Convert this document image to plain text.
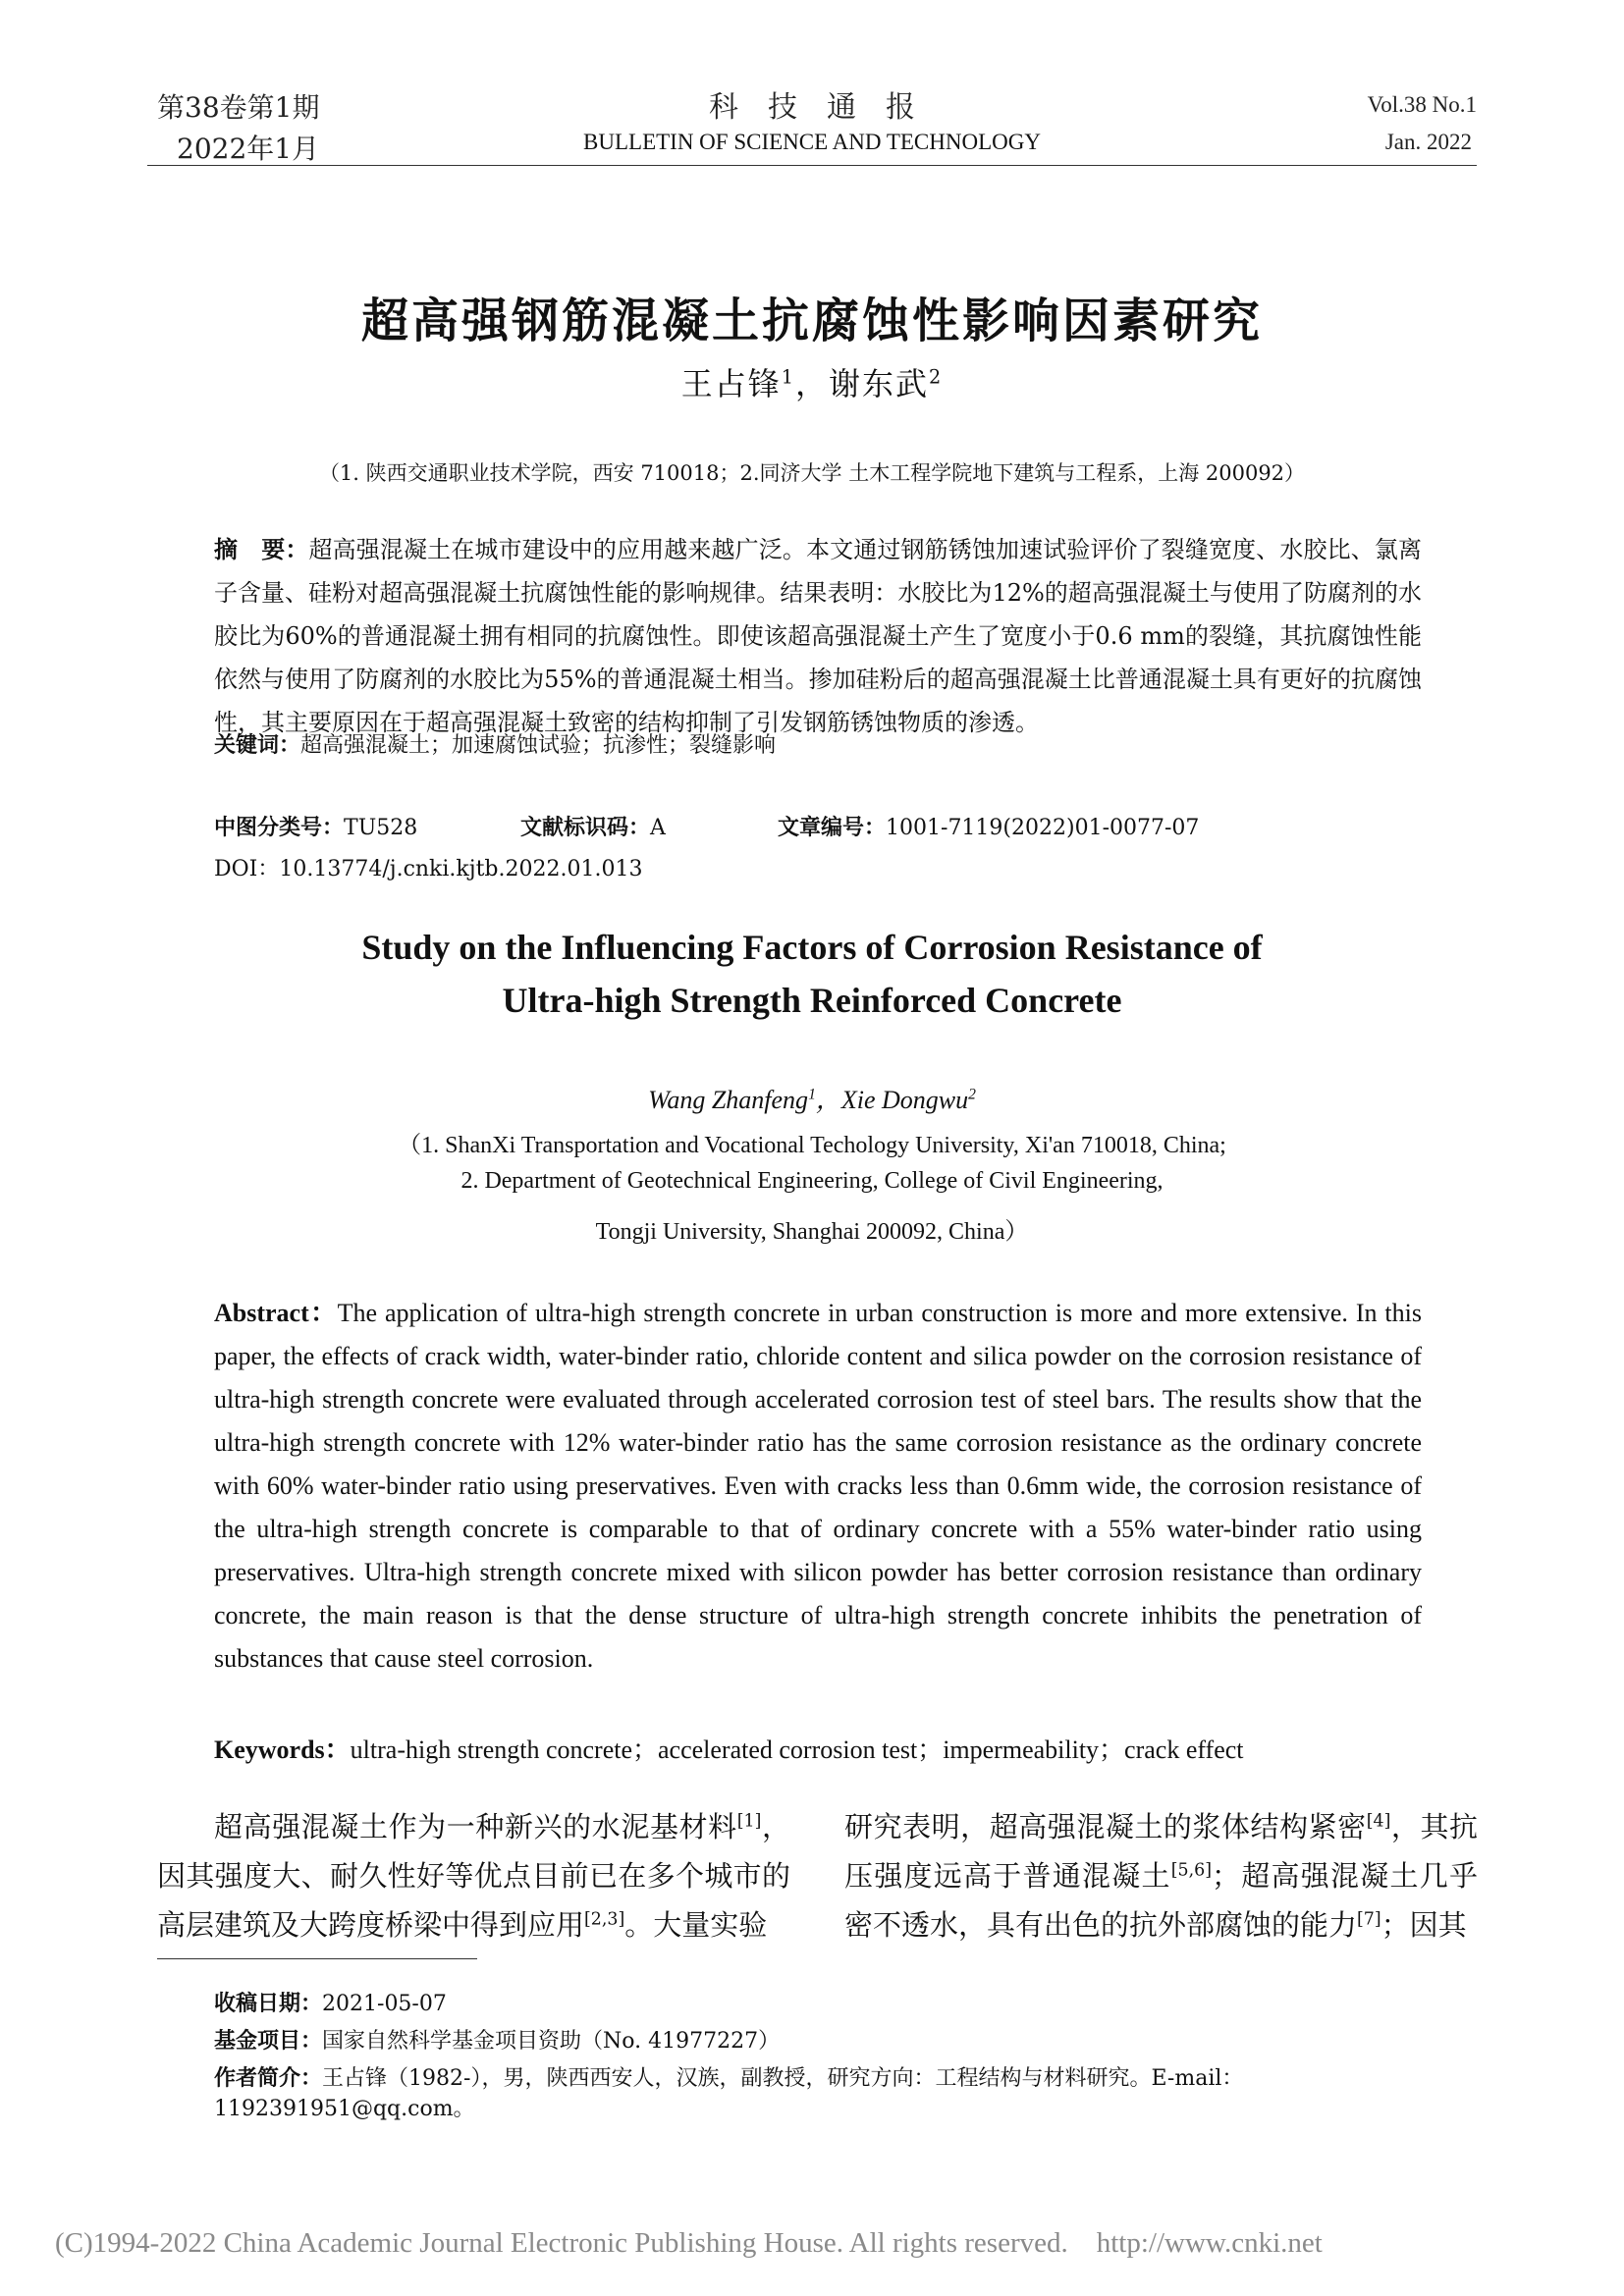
第38卷第1期
2022年1月
科　技　通　报
BULLETIN OF SCIENCE AND TECHNOLOGY
Vol.38 No.1
Jan. 2022
超高强钢筋混凝土抗腐蚀性影响因素研究
王占锋$^1$，谢东武$^2$
（1. 陕西交通职业技术学院，西安 710018；2.同济大学 土木工程学院地下建筑与工程系，上海 200092）
摘　要：超高强混凝土在城市建设中的应用越来越广泛。本文通过钢筋锈蚀加速试验评价了裂缝宽度、水胶比、氯离子含量、硅粉对超高强混凝土抗腐蚀性能的影响规律。结果表明：水胶比为12%的超高强混凝土与使用了防腐剂的水胶比为60%的普通混凝土拥有相同的抗腐蚀性。即使该超高强混凝土产生了宽度小于0.6 mm的裂缝，其抗腐蚀性能依然与使用了防腐剂的水胶比为55%的普通混凝土相当。掺加硅粉后的超高强混凝土比普通混凝土具有更好的抗腐蚀性，其主要原因在于超高强混凝土致密的结构抑制了引发钢筋锈蚀物质的渗透。
关键词：超高强混凝土；加速腐蚀试验；抗渗性；裂缝影响
中图分类号：TU528	文献标识码：A	文章编号：1001-7119(2022)01-0077-07
DOI：10.13774/j.cnki.kjtb.2022.01.013
Study on the Influencing Factors of Corrosion Resistance of
Ultra-high Strength Reinforced Concrete
Wang Zhanfeng$^1$，Xie Dongwu$^2$
（1. ShanXi Transportation and Vocational Techology University, Xi'an 710018, China;
2. Department of Geotechnical Engineering, College of Civil Engineering,
Tongji University, Shanghai 200092, China）
Abstract：The application of ultra-high strength concrete in urban construction is more and more extensive. In this paper, the effects of crack width, water-binder ratio, chloride content and silica powder on the corrosion resistance of ultra-high strength concrete were evaluated through accelerated corrosion test of steel bars. The results show that the ultra-high strength concrete with 12% water-binder ratio has the same corrosion resistance as the ordinary concrete with 60% water-binder ratio using preservatives. Even with cracks less than 0.6mm wide, the corrosion resistance of the ultra-high strength concrete is comparable to that of ordinary concrete with a 55% water-binder ratio using preservatives. Ultra-high strength concrete mixed with silicon powder has better corrosion resistance than ordinary concrete, the main reason is that the dense structure of ultra-high strength concrete inhibits the penetration of substances that cause steel corrosion.
Keywords：ultra-high strength concrete；accelerated corrosion test；impermeability；crack effect
超高强混凝土作为一种新兴的水泥基材料[1]，因其强度大、耐久性好等优点目前已在多个城市的高层建筑及大跨度桥梁中得到应用[2,3]。大量实验
研究表明，超高强混凝土的浆体结构紧密[4]，其抗压强度远高于普通混凝土[5,6]；超高强混凝土几乎密不透水，具有出色的抗外部腐蚀的能力[7]；因其
收稿日期：2021-05-07
基金项目：国家自然科学基金项目资助（No. 41977227）
作者简介：王占锋（1982-），男，陕西西安人，汉族，副教授，研究方向：工程结构与材料研究。E-mail：1192391951@qq.com。
(C)1994-2022 China Academic Journal Electronic Publishing House. All rights reserved.　http://www.cnki.net
